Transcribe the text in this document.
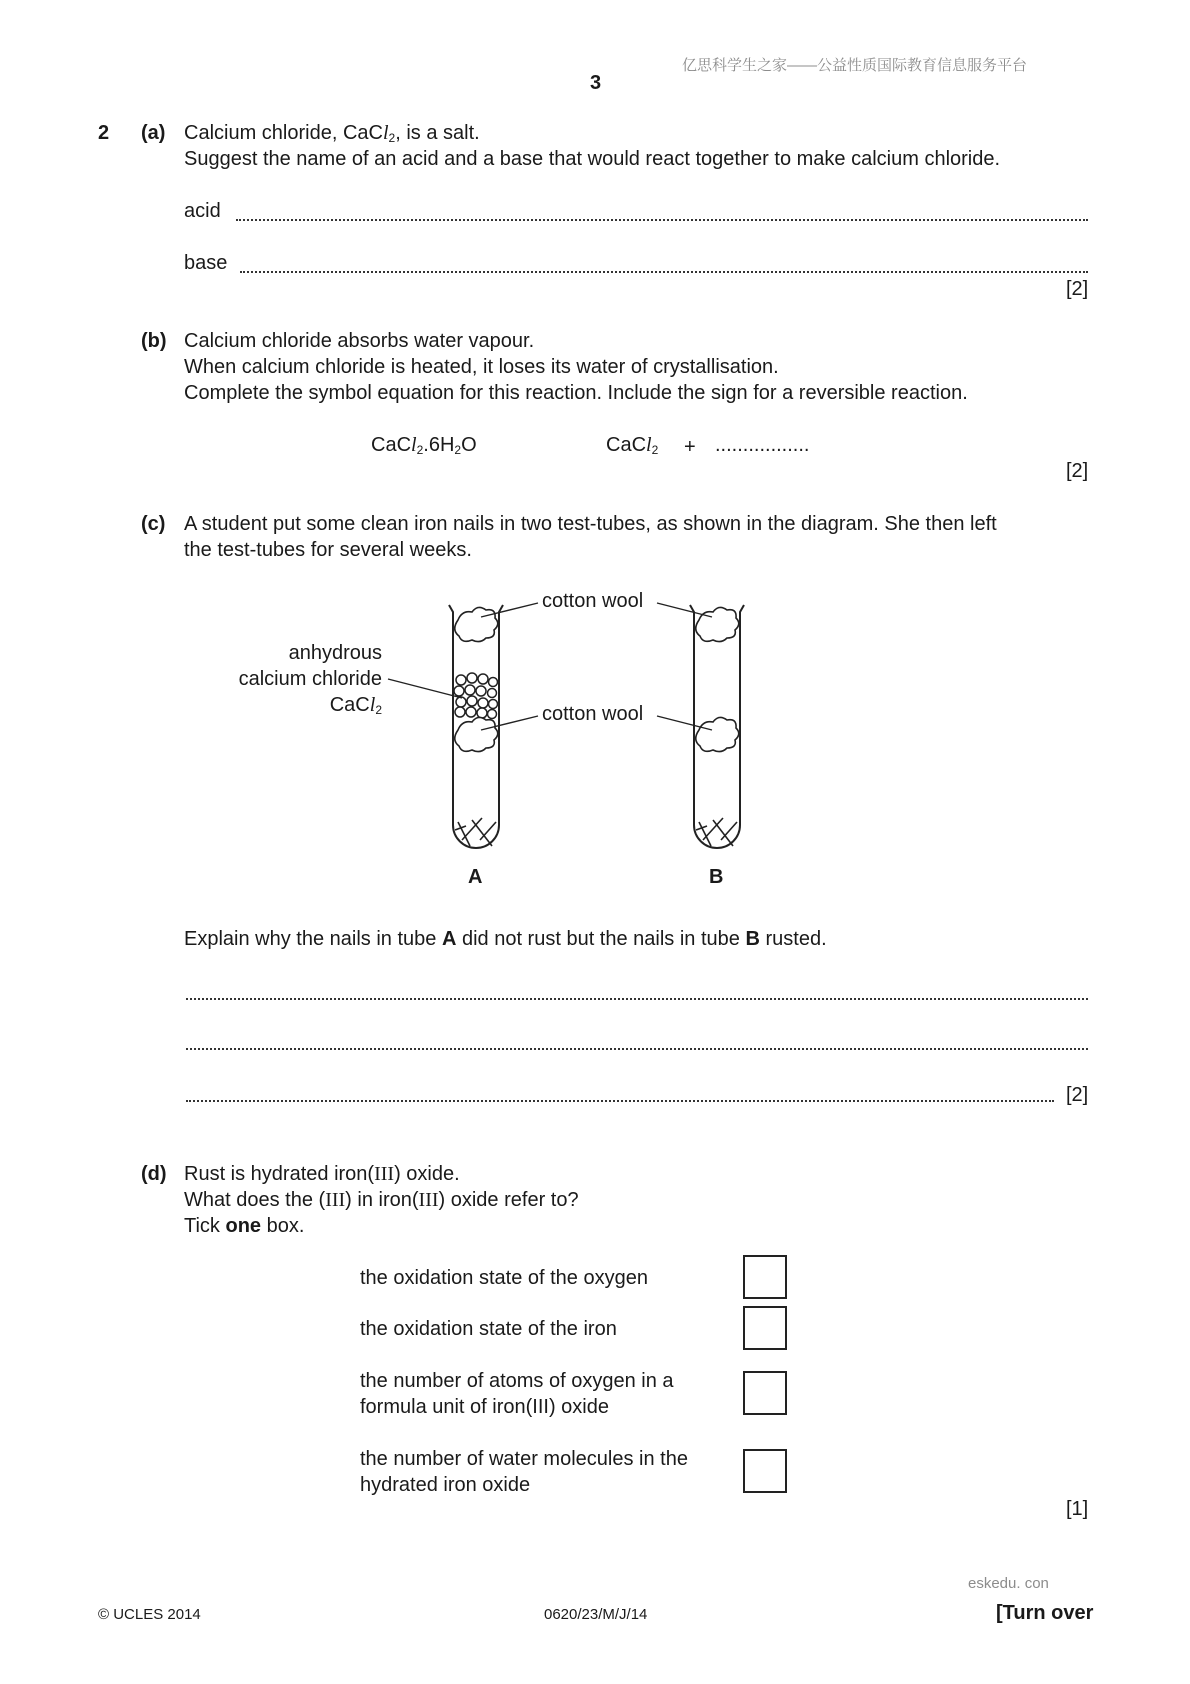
亿思科学生之家——公益性质国际教育信息服务平台
3
2 (a) Calcium chloride, CaCl$_2$, is a salt.
Suggest the name of an acid and a base that would react together to make calcium chloride.
acid
base
[2]
(b) Calcium chloride absorbs water vapour.
When calcium chloride is heated, it loses its water of crystallisation.
Complete the symbol equation for this reaction. Include the sign for a reversible reaction.
$CaCl_2.6H_2O$	CaCl$_2$ + .................
[2]
(c) A student put some clean iron nails in two test-tubes, as shown in the diagram. She then left
the test-tubes for several weeks.
cotton wool
cotton wool
anhydrous
calcium chloride
CaCl$_2$
A	B
Explain why the nails in tube A did not rust but the nails in tube B rusted.
[2]
(d) Rust is hydrated iron(III) oxide.
What does the (III) in iron(III) oxide refer to?
Tick one box.
the oxidation state of the oxygen
the oxidation state of the iron
the number of atoms of oxygen in a
formula unit of iron(III) oxide
the number of water molecules in the
hydrated iron oxide
[1]
eskedu. con
© UCLES 2014	0620/23/M/J/14	[Turn over
